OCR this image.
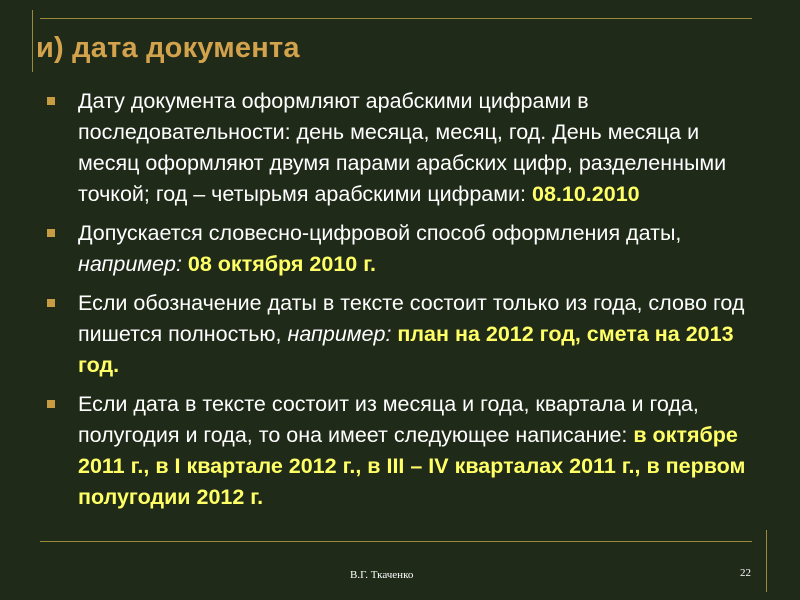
и) дата документа
Дату документа оформляют арабскими цифрами в последовательности: день месяца, месяц, год. День месяца и месяц оформляют двумя парами арабских цифр, разделенными точкой; год – четырьмя арабскими цифрами: 08.10.2010
Допускается словесно-цифровой способ оформления даты, например: 08 октября 2010 г.
Если обозначение даты в тексте состоит только из года, слово год пишется полностью, например: план на 2012 год, смета на 2013 год.
Если дата в тексте состоит из месяца и года, квартала и года, полугодия и года, то она имеет следующее написание: в октябре 2011 г., в I квартале 2012 г., в III – IV кварталах 2011 г., в первом полугодии 2012 г.
В.Г. Ткаченко	22
